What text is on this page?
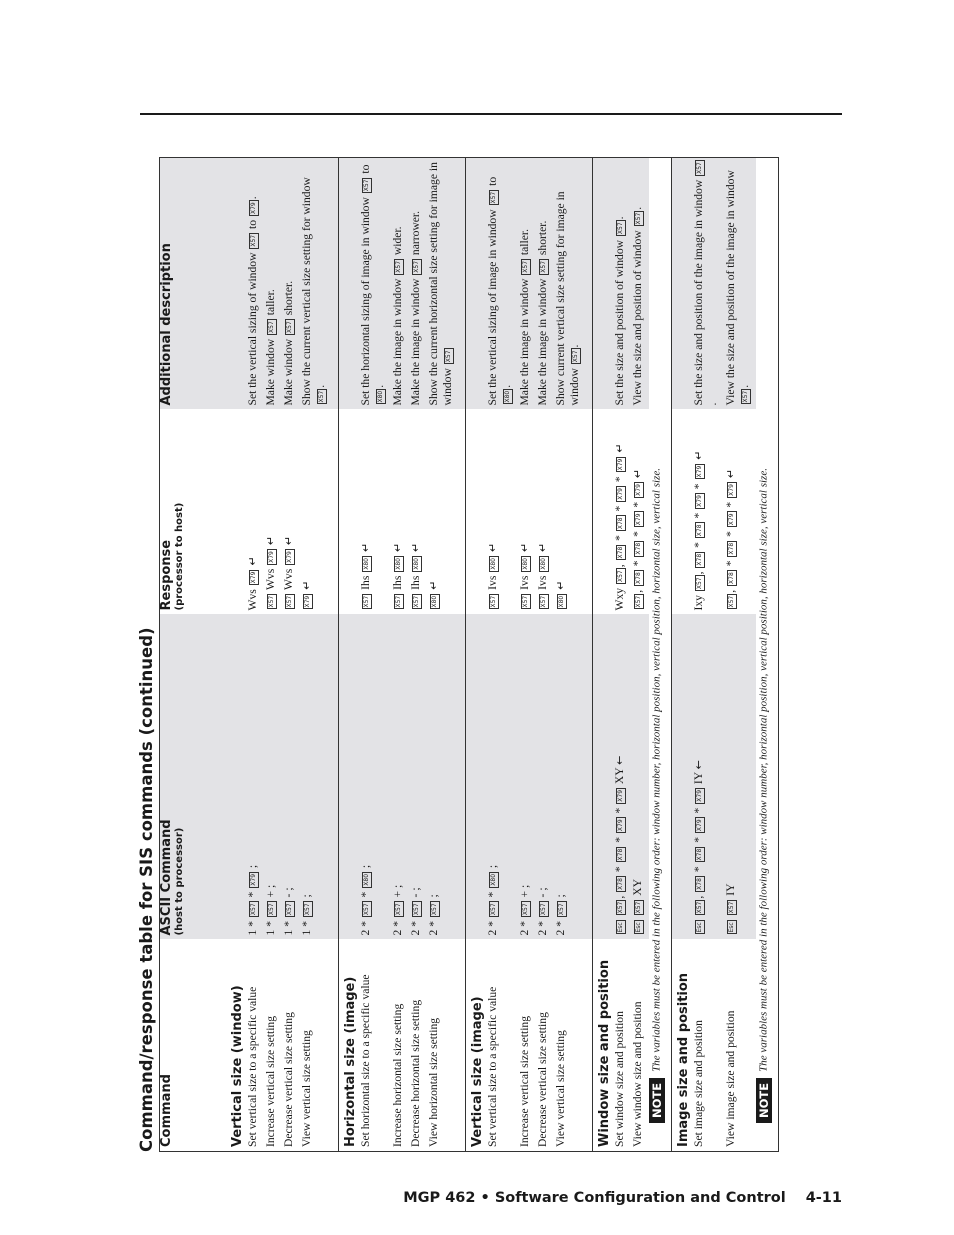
MGP 462 • Software Configuration and Control 4-11
Command/response table for SIS commands (continued) Command	ASCII Command (host to processor)	Response (processor to host)	Additional description
Vertical size (window)			
Set vertical size to a specific value	1 * X57 * X79 ;	Wvs X79 ↵	Set the vertical sizing of window X57 to X79.
Increase vertical size setting	1 * X57 + ;	X57 Wvs X79 ↵	Make window X57 taller.
Decrease vertical size setting	1 * X57 - ;	X57 Wvs X79 ↵	Make window X57 shorter.
View vertical size setting	1 * X57 ;	X79 ↵	Show the current vertical size setting for window X57.

Horizontal size (image)			
Set horizontal size to a specific value	2 * X57 * X80 ;	X57 Ihs X80 ↵	Set the horizontal sizing of image in window X57 to X80.
Increase horizontal size setting	2 * X57 + ;	X57 Ihs X80 ↵	Make the image in window X57 wider.
Decrease horizontal size setting	2 * X57 - ;	X57 Ihs X80 ↵	Make the image in window X57 narrower.
View horizontal size setting	2 * X57 ;	X80 ↵	Show the current horizontal size setting for image in window X57

Vertical size (image)			
Set vertical size to a specific value	2 * X57 * X80 ;	X57 Ivs X80 ↵	Set the vertical sizing of image in window X57 to X80.
Increase vertical size setting	2 * X57 + ;	X57 Ivs X80 ↵	Make the image in window X57 taller.
Decrease vertical size setting	2 * X57 - ;	X57 Ivs X80 ↵	Make the image in window X57 shorter.
View vertical size setting	2 * X57 ;	X80 ↵	Show current vertical size setting for image in window X57.

Window size and position			
Set window size and position	Esc X57, X78 * X78 * X79 * X79 XY ←	Wxy X57, X78 * X78 * X79 * X79 ↵	Set the size and position of window X57.
View window size and position	Esc X57 XY	X57, X78 * X78 * X79 * X79 ↵	View the size and position of window X57.
NOTEThe variables must be entered in the following order: window number, horizontal position, vertical position, horizontal size, vertical size.			
Image size and position			
Set image size and position	Esc X57, X78 * X78 * X79 * X79 IY ←	Ixy X57, X78 * X78 * X79 * X79 ↵	Set the size and position of the image in window X57.
View image size and position	Esc X57 IY	X57, X78 * X78 * X79 * X79 ↵	View the size and position of the image in window X57.
NOTEThe variables must be entered in the following order: window number, horizontal position, vertical position, horizontal size, vertical size.			
